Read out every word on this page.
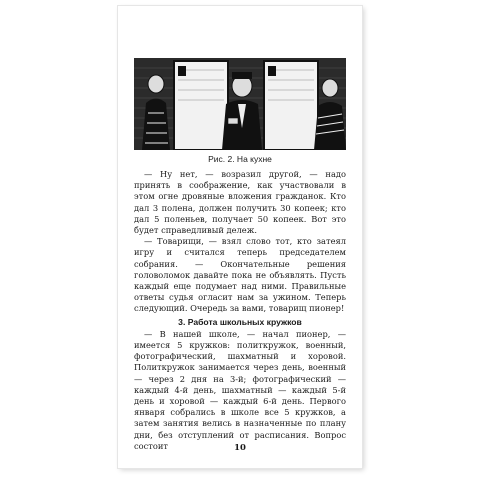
Рис. 2. На кухне

— Ну нет, — возразил другой, — надо принять в соображение, как участвовали в этом огне дровяные вложения гражданок. Кто дал 3 полена, должен получить 30 копеек; кто дал 5 поленьев, получает 50 копеек. Вот это будет справедливый дележ.

— Товарищи, — взял слово тот, кто затеял игру и считался теперь председателем собрания. — Окончательные решения головоломок давайте пока не объявлять. Пусть каждый еще подумает над ними. Правильные ответы судья огласит нам за ужином. Теперь следующий. Очередь за вами, товарищ пионер!

3. Работа школьных кружков

— В нашей школе, — начал пионер, — имеется 5 кружков: политкружок, военный, фотографический, шахматный и хоровой. Политкружок занимается через день, военный — через 2 дня на 3-й; фотографический — каждый 4-й день, шахматный — каждый 5-й день и хоровой — каждый 6-й день. Первого января собрались в школе все 5 кружков, а затем занятия велись в назначенные по плану дни, без отступлений от расписания. Вопрос состоит	10
